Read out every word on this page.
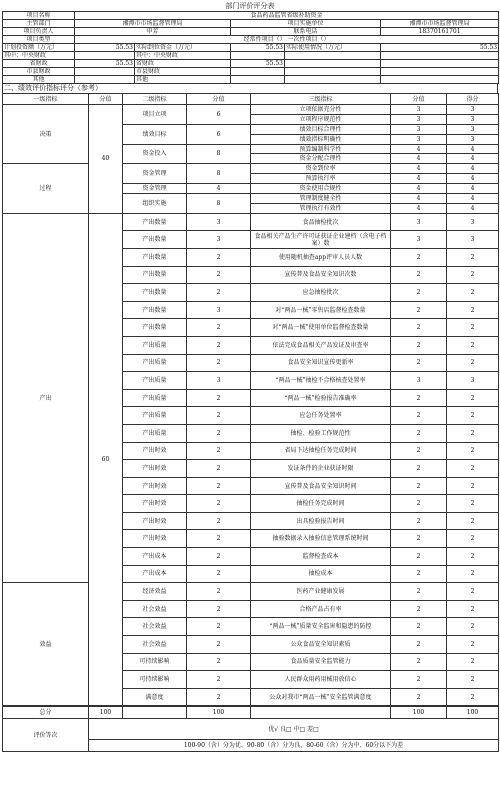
部门评价评分表
项目名称	食品药品监管省级补助资金				
主管部门	湘潭市市场监督管理局		项目实施单位		湘潭市市场监督管理局
项目负责人	申芳		联系电话		18370161701
项目类型	经常性项目（） 一次性项目（）				
计划投资额（万元）	55.53	实际到位资金（万元）	55.53	实际使用情况（万元）	55.53
其中：中央财政		其中：中央财政			
省财政	55.53	省财政	55.53		
市县财政		市县财政			
其他		其他			
二、绩效评价指标评分（参考）
一级指标	分值	二级指标	分值	三级指标	分值	得分
决策	40	项目立项	6	立项依据充分性	3	3
				立项程序规范性	3	3
		绩效目标	6	绩效目标合理性	3	3
				绩效指标明确性	3	3
		资金投入	8	预算编制科学性	4	4
				资金分配合理性	4	4
过程		资金管理	8	资金到位率	4	4
				预算执行率	4	4
		资金管理	4	资金使用合规性	4	4
		组织实施	8	管理制度健全性	4	4
				管理执行有效性	4	4
产出	60	产出数量	3	食品抽检批次	3	3
		产出数量	3	食品相关产品生产许可证获证企业建档（含电子档案）数	3	3
		产出数量	2	使用随机抽查app评审人员人数	2	2
		产出数量	2	宣传普及食品安全知识次数	2	2
		产出数量	2	应急抽检批次	2	2
		产出数量	3	对“两品一械”零售店监督检查数量	2	2
		产出数量	2	对“两品一械”使用单位监督检查数量	2	2
		产出质量	2	依法完成食品相关产品发证及审查率	2	2
		产出质量	2	食品安全知识宣传更新率	2	2
		产出质量	3	“两品一械”抽检不合格核查处置率	3	3
		产出质量	2	“两品一械”检验报告准确率	2	2
		产出质量	2	应急任务处置率	2	2
		产出质量	2	抽检、检验工作规范性	2	2
		产出时效	2	省局下达抽检任务完成时间	2	2
		产出时效	2	发证条件的企业获证时限	2	2
		产出时效	2	宣传普及食品安全知识时间	2	2
		产出时效	2	抽检任务完成时间	2	2
		产出时效	2	出具检验报告时间	2	2
		产出时效	2	抽验数据录入抽验信息管理系统时间	2	2
		产出成本	2	监督检查成本	2	2
		产出成本	2	抽检成本	2	2
效益		经济效益	2	医药产业健康发展	2	2
		社会效益	2	合格产品占有率	2	2
		社会效益	2	“两品一械”质量安全监害和隐患的防控	2	2
		社会效益	2	公众食品安全知识素质	2	2
		可持续影响	2	食品质量安全监管能力	2	2
		可持续影响	2	人民群众用药用械用放信心	2	2
		满意度	2	公众对我市“两品一械”安全监管满意度	2	2
总分	100		100		100	100
评价等次	优√ 良□ 中□ 差□					
	100-90（含）分为优、90-80（含）分为良、80-60（含）分为中、60分以下为差					
